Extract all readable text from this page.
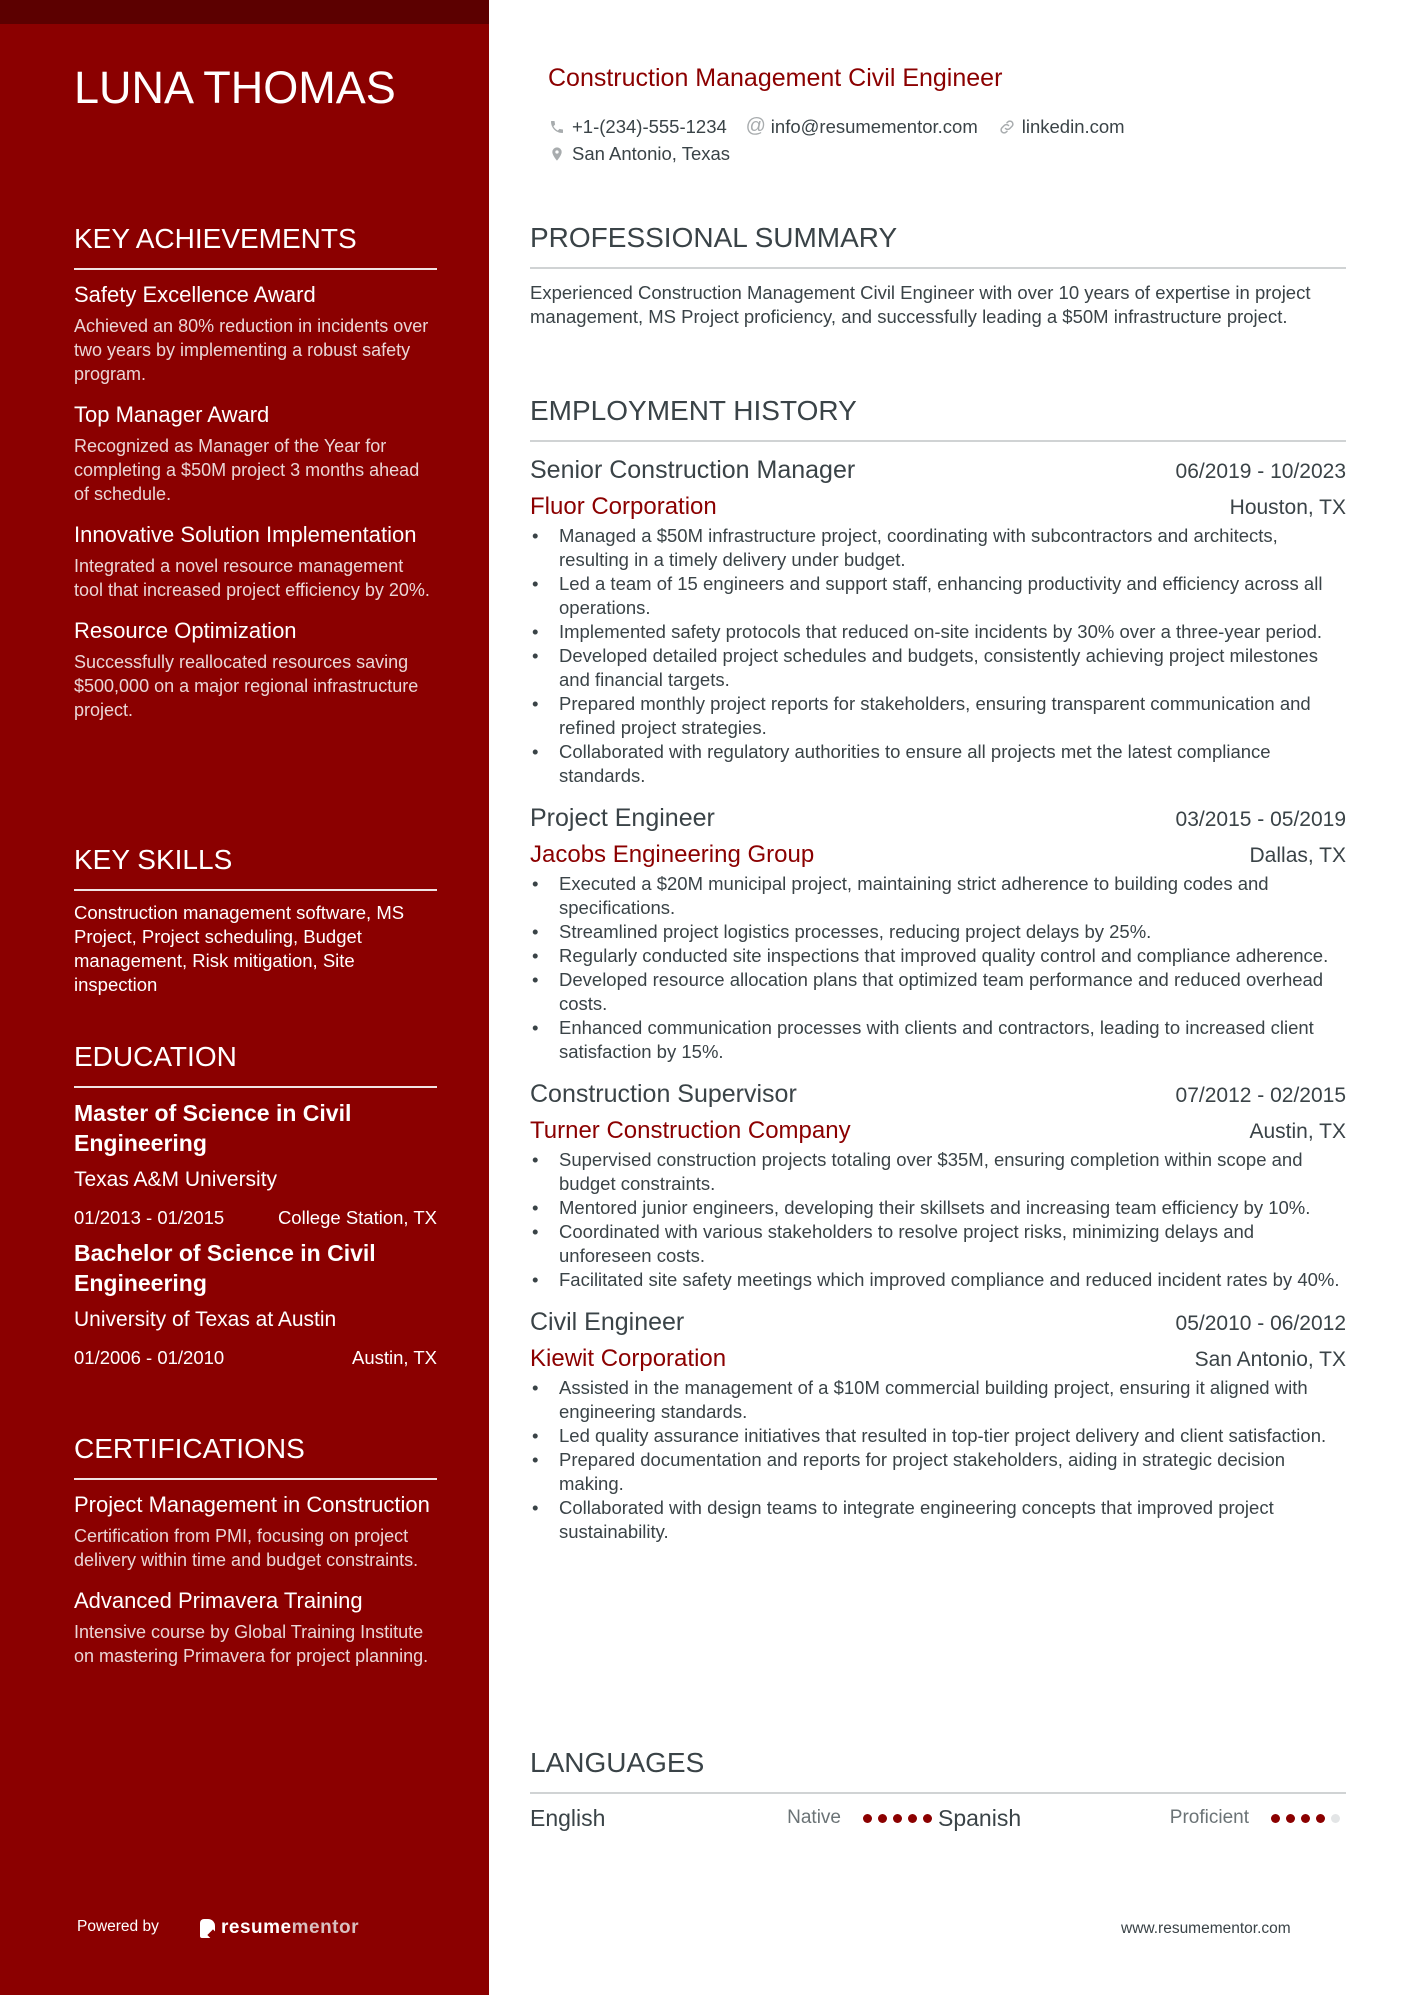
LUNA THOMAS
KEY ACHIEVEMENTS
Safety Excellence Award
Achieved an 80% reduction in incidents over two years by implementing a robust safety program.
Top Manager Award
Recognized as Manager of the Year for completing a $50M project 3 months ahead of schedule.
Innovative Solution Implementation
Integrated a novel resource management tool that increased project efficiency by 20%.
Resource Optimization
Successfully reallocated resources saving $500,000 on a major regional infrastructure project.
KEY SKILLS
Construction management software, MS Project, Project scheduling, Budget management, Risk mitigation, Site inspection
EDUCATION
Master of Science in Civil Engineering
Texas A&M University
01/2013 - 01/2015	College Station, TX
Bachelor of Science in Civil Engineering
University of Texas at Austin
01/2006 - 01/2010	Austin, TX
CERTIFICATIONS
Project Management in Construction
Certification from PMI, focusing on project delivery within time and budget constraints.
Advanced Primavera Training
Intensive course by Global Training Institute on mastering Primavera for project planning.
Powered by	resume mentor
Construction Management Civil Engineer
+1-(234)-555-1234 @ info@resumementor.com linkedin.com
San Antonio, Texas
PROFESSIONAL SUMMARY
Experienced Construction Management Civil Engineer with over 10 years of expertise in project management, MS Project proficiency, and successfully leading a $50M infrastructure project.
EMPLOYMENT HISTORY
Senior Construction Manager	06/2019 - 10/2023
Fluor Corporation	Houston, TX
• Managed a $50M infrastructure project, coordinating with subcontractors and architects, resulting in a timely delivery under budget.
• Led a team of 15 engineers and support staff, enhancing productivity and efficiency across all operations.
• Implemented safety protocols that reduced on-site incidents by 30% over a three-year period.
• Developed detailed project schedules and budgets, consistently achieving project milestones and financial targets.
• Prepared monthly project reports for stakeholders, ensuring transparent communication and refined project strategies.
• Collaborated with regulatory authorities to ensure all projects met the latest compliance standards.
Project Engineer	03/2015 - 05/2019
Jacobs Engineering Group	Dallas, TX
• Executed a $20M municipal project, maintaining strict adherence to building codes and specifications.
• Streamlined project logistics processes, reducing project delays by 25%.
• Regularly conducted site inspections that improved quality control and compliance adherence.
• Developed resource allocation plans that optimized team performance and reduced overhead costs.
• Enhanced communication processes with clients and contractors, leading to increased client satisfaction by 15%.
Construction Supervisor	07/2012 - 02/2015
Turner Construction Company	Austin, TX
• Supervised construction projects totaling over $35M, ensuring completion within scope and budget constraints.
• Mentored junior engineers, developing their skillsets and increasing team efficiency by 10%.
• Coordinated with various stakeholders to resolve project risks, minimizing delays and unforeseen costs.
• Facilitated site safety meetings which improved compliance and reduced incident rates by 40%.
Civil Engineer	05/2010 - 06/2012
Kiewit Corporation	San Antonio, TX
• Assisted in the management of a $10M commercial building project, ensuring it aligned with engineering standards.
• Led quality assurance initiatives that resulted in top-tier project delivery and client satisfaction.
• Prepared documentation and reports for project stakeholders, aiding in strategic decision making.
• Collaborated with design teams to integrate engineering concepts that improved project sustainability.
LANGUAGES
English	Native	Spanish	Proficient
www.resumementor.com
